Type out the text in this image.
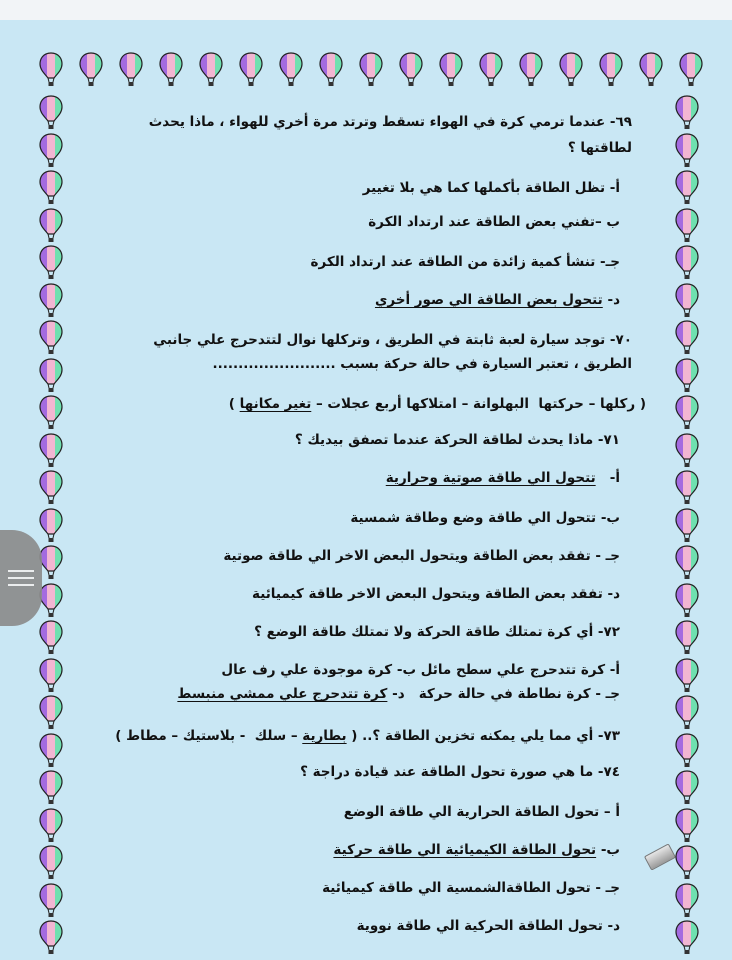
٦٩- عندما ترمي كرة في الهواء تسقط وترتد مرة أخري للهواء ، ماذا يحدث
لطاقتها ؟
أ- تظل الطاقة بأكملها كما هي بلا تغيير
ب –تفني بعض الطاقة عند ارتداد الكرة
جـ- تنشأ كمية زائدة من الطاقة عند ارتداد الكرة
د- تتحول بعض الطاقة الي صور أخري
٧٠- توجد سيارة لعبة ثابتة في الطريق ، وتركلها نوال لتتدحرج علي جانبي
الطريق ، تعتبر السيارة في حالة حركة بسبب ........................
( ركلها – حركتها  البهلوانة – امتلاكها أربع عجلات – تغير مكانها )
٧١- ماذا يحدث لطاقة الحركة عندما تصفق بيديك ؟
أ-   تتحول الي طاقة صوتية وحرارية
ب- تتحول الي طاقة وضع وطاقة شمسية
جـ - تفقد بعض الطاقة ويتحول البعض الاخر الي طاقة صوتية
د- تفقد بعض الطاقة ويتحول البعض الاخر طاقة كيميائية
٧٢- أي كرة تمتلك طاقة الحركة ولا تمتلك طاقة الوضع ؟
أ- كرة تتدحرج علي سطح مائل ب- كرة موجودة علي رف عال
جـ - كرة نطاطة في حالة حركة   د- كرة تتدحرج علي ممشي منبسط
٧٣- أي مما يلي يمكنه تخزين الطاقة ؟.. ( بطارية – سلك  - بلاستيك – مطاط )
٧٤- ما هي صورة تحول الطاقة عند قيادة دراجة ؟
أ – تحول الطاقة الحرارية الي طاقة الوضع
ب- تحول الطاقة الكيميائية الي طاقة حركية
جـ - تحول الطاقةالشمسية الي طاقة كيميائية
د- تحول الطاقة الحركية الي طاقة نووية
